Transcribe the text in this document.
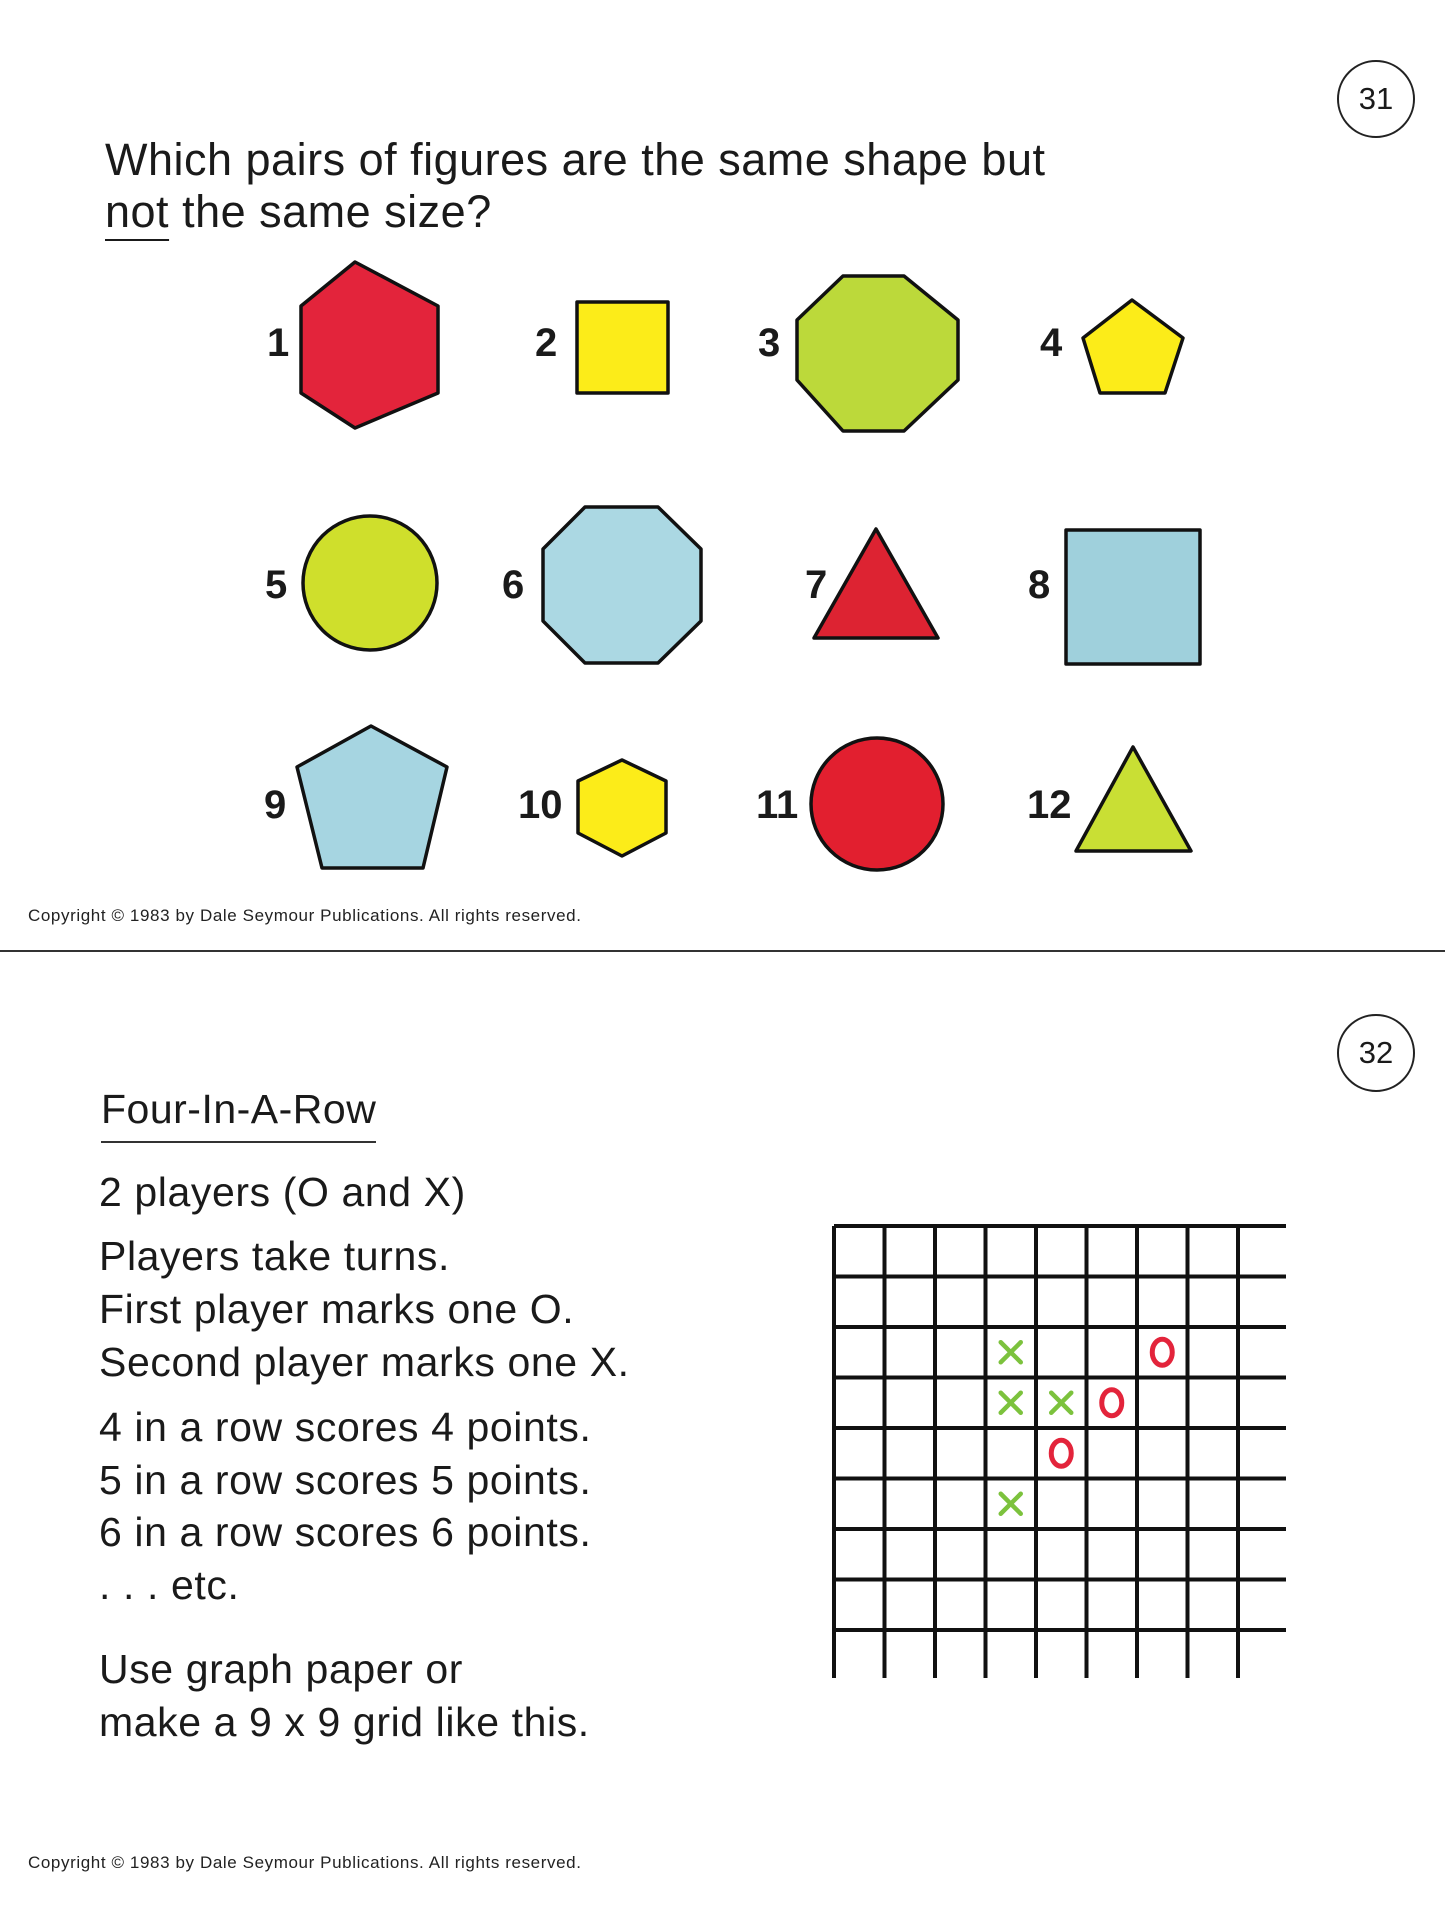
31
Which pairs of figures are the same shape but
not the same size?
1	2	3	4
5	6	7	8
9	10	11	12
Copyright © 1983 by Dale Seymour Publications. All rights reserved.
32
Four-In-A-Row
2 players (O and X)
Players take turns.
First player marks one O.
Second player marks one X.
4 in a row scores 4 points.
5 in a row scores 5 points.
6 in a row scores 6 points.
. . . etc.
Use graph paper or
make a 9 x 9 grid like this.
Copyright © 1983 by Dale Seymour Publications. All rights reserved.
